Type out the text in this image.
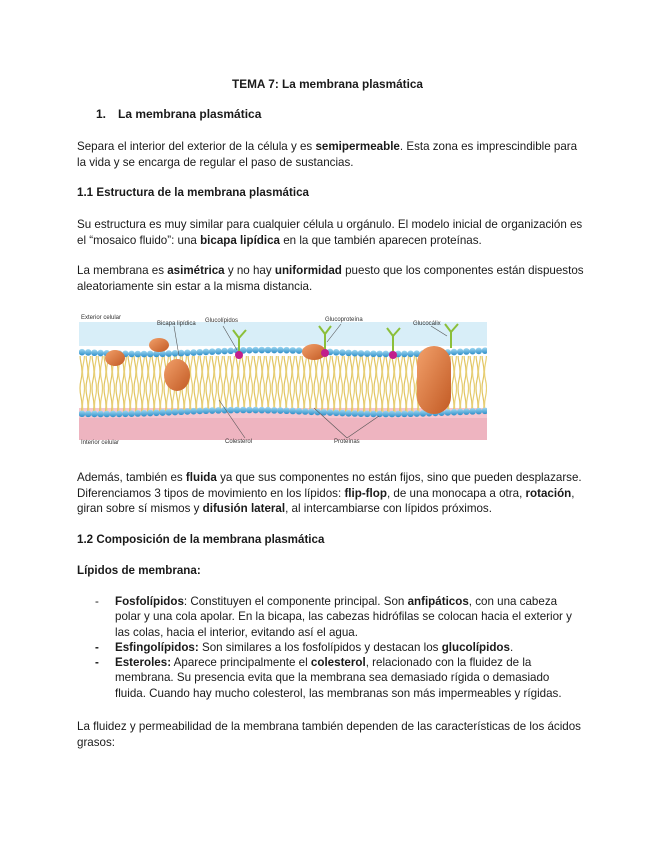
TEMA 7: La membrana plasmática
1. La membrana plasmática

Separa el interior del exterior de la célula y es semipermeable. Esta zona es imprescindible para la vida y se encarga de regular el paso de sustancias.

1.1 Estructura de la membrana plasmática

Su estructura es muy similar para cualquier célula u orgánulo. El modelo inicial de organización es el “mosaico fluido”: una bicapa lipídica en la que también aparecen proteínas.

La membrana es asimétrica y no hay uniformidad puesto que los componentes están dispuestos aleatoriamente sin estar a la misma distancia.

Exterior celular
Bicapa lipídica Glucolípidos	Glucoproteína
Glucocálix
Interior celular	Colesterol	Proteínas

Además, también es fluida ya que sus componentes no están fijos, sino que pueden desplazarse. Diferenciamos 3 tipos de movimiento en los lípidos: flip-flop, de una monocapa a otra, rotación, giran sobre sí mismos y difusión lateral, al intercambiarse con lípidos próximos.

1.2 Composición de la membrana plasmática
Lípidos de membrana:
- Fosfolípidos: Constituyen el componente principal. Son anfipáticos, con una cabeza polar y una cola apolar. En la bicapa, las cabezas hidrófilas se colocan hacia el exterior y las colas, hacia el interior, evitando así el agua.
- Esfingolípidos: Son similares a los fosfolípidos y destacan los glucolípidos.
- Esteroles: Aparece principalmente el colesterol, relacionado con la fluidez de la membrana. Su presencia evita que la membrana sea demasiado rígida o demasiado fluida. Cuando hay mucho colesterol, las membranas son más impermeables y rígidas.

La fluidez y permeabilidad de la membrana también dependen de las características de los ácidos grasos:
